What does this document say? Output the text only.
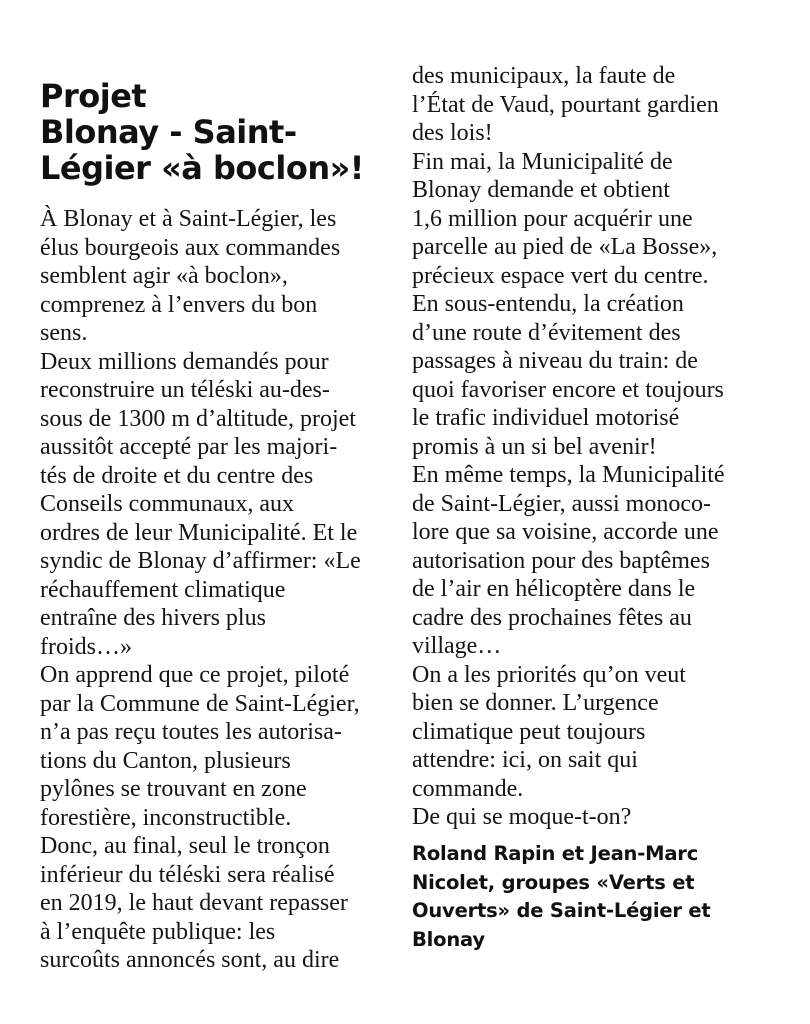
Projet
Blonay - Saint-
Légier «à boclon»!
À Blonay et à Saint-Légier, les
élus bourgeois aux commandes
semblent agir «à boclon»,
comprenez à l’envers du bon
sens.
Deux millions demandés pour
reconstruire un téléski au-des-
sous de 1300 m d’altitude, projet
aussitôt accepté par les majori-
tés de droite et du centre des
Conseils communaux, aux
ordres de leur Municipalité. Et le
syndic de Blonay d’affirmer: «Le
réchauffement climatique
entraîne des hivers plus
froids…»
On apprend que ce projet, piloté
par la Commune de Saint-Légier,
n’a pas reçu toutes les autorisa-
tions du Canton, plusieurs
pylônes se trouvant en zone
forestière, inconstructible.
Donc, au final, seul le tronçon
inférieur du téléski sera réalisé
en 2019, le haut devant repasser
à l’enquête publique: les
surcoûts annoncés sont, au dire
des municipaux, la faute de
l’État de Vaud, pourtant gardien
des lois!
Fin mai, la Municipalité de
Blonay demande et obtient
1,6 million pour acquérir une
parcelle au pied de «La Bosse»,
précieux espace vert du centre.
En sous-entendu, la création
d’une route d’évitement des
passages à niveau du train: de
quoi favoriser encore et toujours
le trafic individuel motorisé
promis à un si bel avenir!
En même temps, la Municipalité
de Saint-Légier, aussi monoco-
lore que sa voisine, accorde une
autorisation pour des baptêmes
de l’air en hélicoptère dans le
cadre des prochaines fêtes au
village…
On a les priorités qu’on veut
bien se donner. L’urgence
climatique peut toujours
attendre: ici, on sait qui
commande.
De qui se moque-t-on?
Roland Rapin et Jean-Marc
Nicolet, groupes «Verts et
Ouverts» de Saint-Légier et
Blonay
